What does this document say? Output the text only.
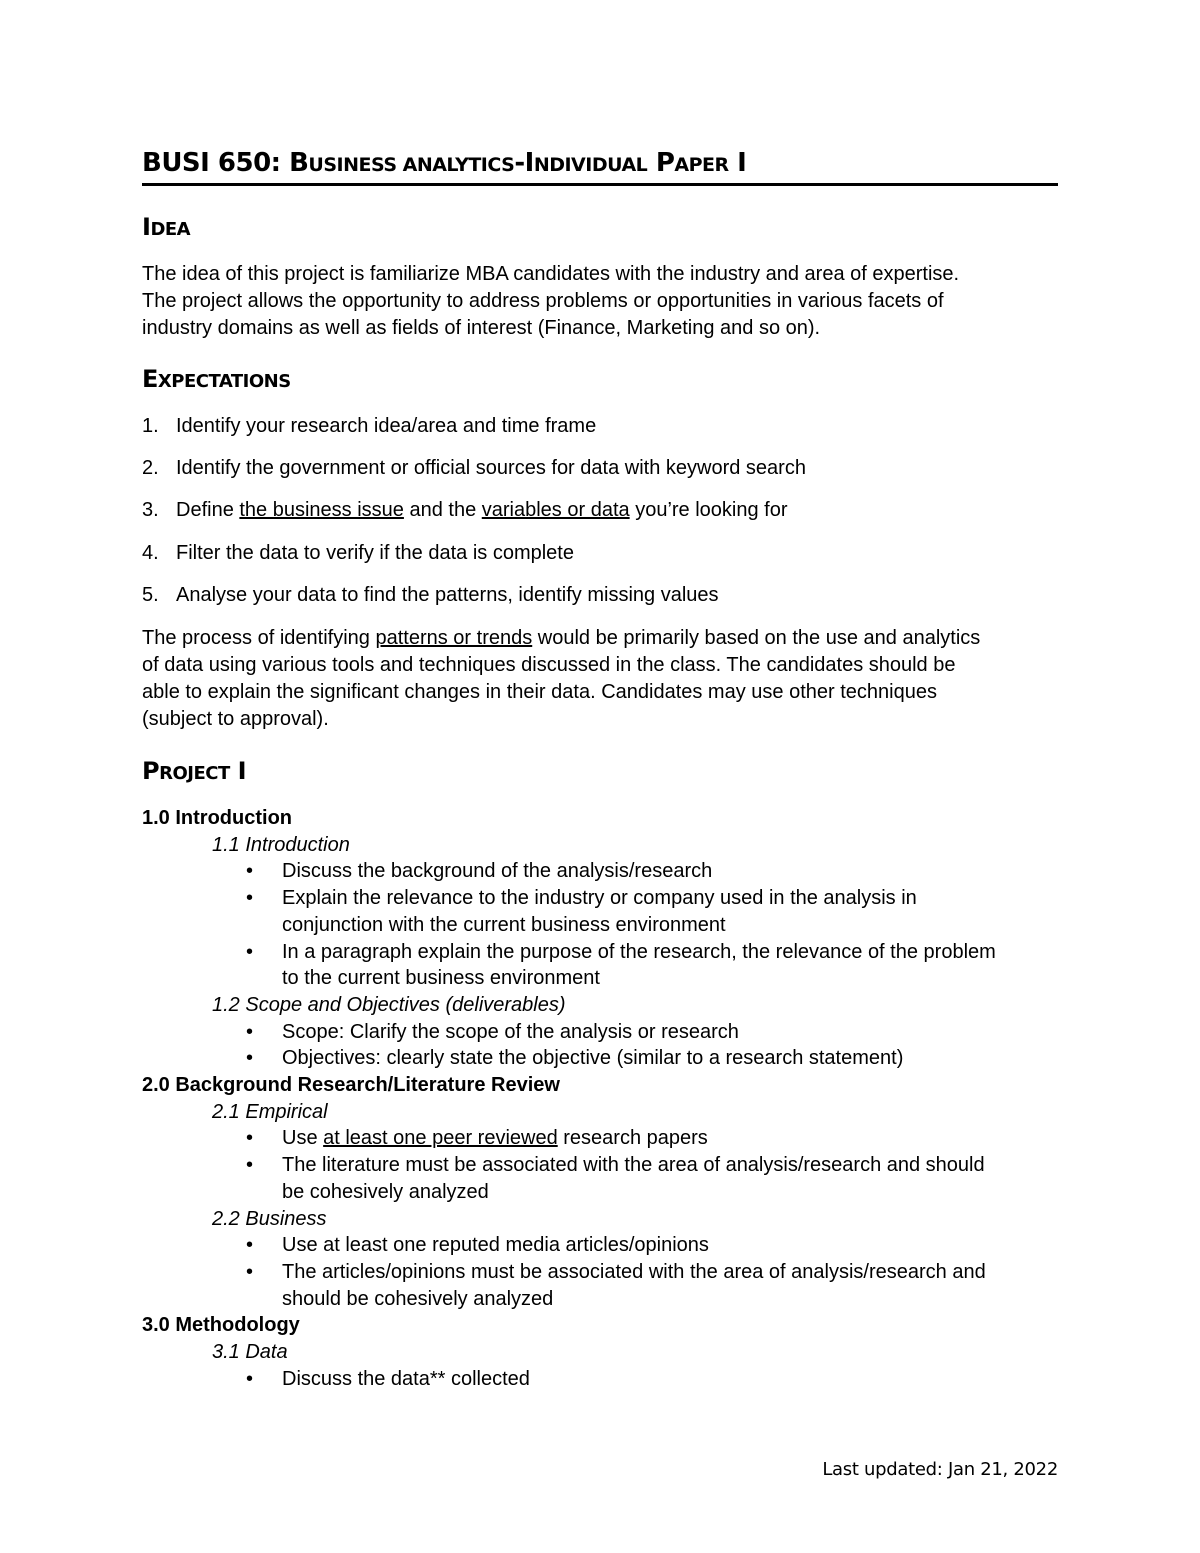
BUSI 650: BUSINESS ANALYTICS-INDIVIDUAL PAPER I
IDEA
The idea of this project is familiarize MBA candidates with the industry and area of expertise.
The project allows the opportunity to address problems or opportunities in various facets of
industry domains as well as fields of interest (Finance, Marketing and so on).
EXPECTATIONS
1. Identify your research idea/area and time frame
2. Identify the government or official sources for data with keyword search
3. Define the business issue and the variables or data you’re looking for
4. Filter the data to verify if the data is complete
5. Analyse your data to find the patterns, identify missing values
The process of identifying patterns or trends would be primarily based on the use and analytics
of data using various tools and techniques discussed in the class. The candidates should be
able to explain the significant changes in their data. Candidates may use other techniques
(subject to approval).
PROJECT I
1.0 Introduction
1.1 Introduction
• Discuss the background of the analysis/research
• Explain the relevance to the industry or company used in the analysis in
conjunction with the current business environment
• In a paragraph explain the purpose of the research, the relevance of the problem
to the current business environment
1.2 Scope and Objectives (deliverables)
• Scope: Clarify the scope of the analysis or research
• Objectives: clearly state the objective (similar to a research statement)
2.0 Background Research/Literature Review
2.1 Empirical
• Use at least one peer reviewed research papers
• The literature must be associated with the area of analysis/research and should
be cohesively analyzed
2.2 Business
• Use at least one reputed media articles/opinions
• The articles/opinions must be associated with the area of analysis/research and
should be cohesively analyzed
3.0 Methodology
3.1 Data
• Discuss the data** collected
Last updated: Jan 21, 2022
